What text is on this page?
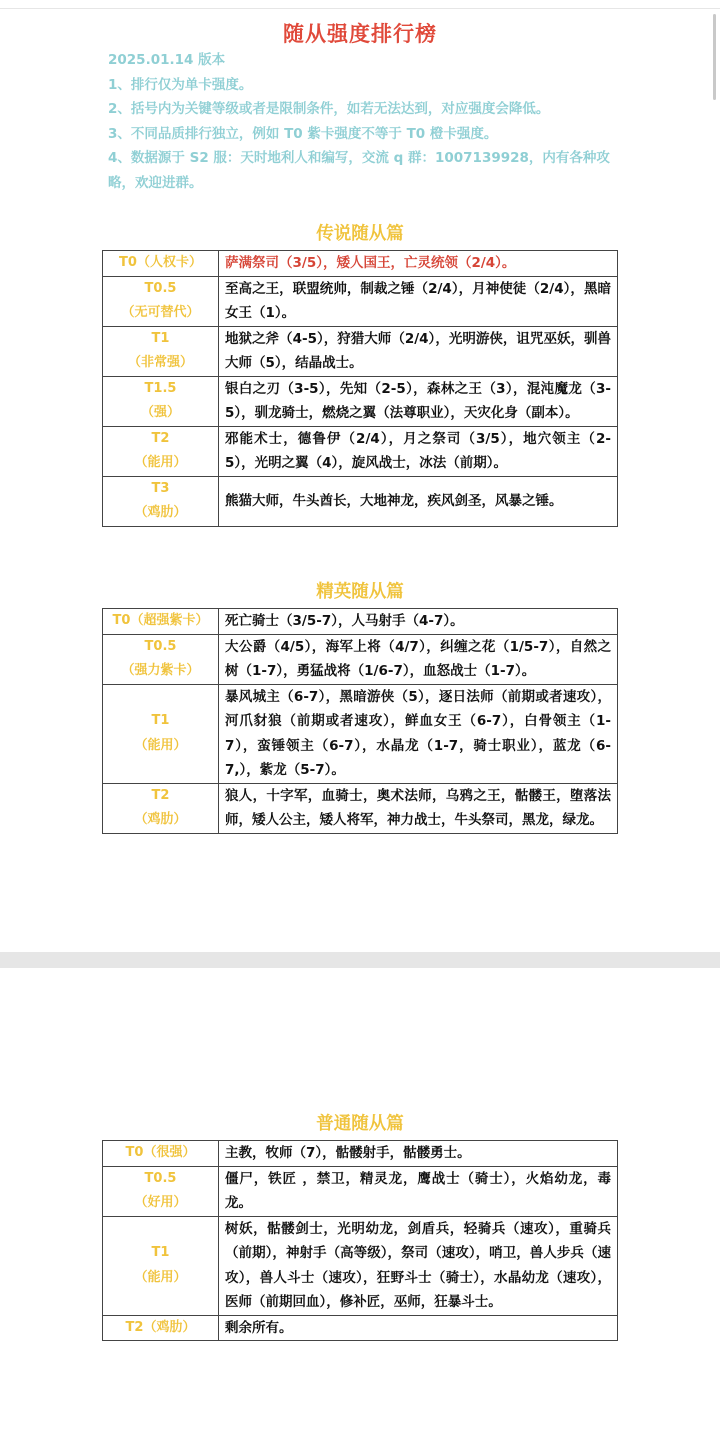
随从强度排行榜

2025.01.14 版本

1、排行仅为单卡强度。

2、括号内为关键等级或者是限制条件，如若无法达到，对应强度会降低。

3、不同品质排行独立，例如 T0 紫卡强度不等于 T0 橙卡强度。

4、数据源于 S2 服：天时地利人和编写，交流 q 群：1007139928，内有各种攻略，欢迎进群。

传说随从篇
T0（人权卡）	萨满祭司（3/5），矮人国王，亡灵统领（2/4）。

T0.5
（无可替代）	至高之王，联盟统帅，制裁之锤（2/4），月神使徒（2/4），黑暗女王（1）。

T1
（非常强）	地狱之斧（4-5），狩猎大师（2/4），光明游侠，诅咒巫妖，驯兽大师（5），结晶战士。

T1.5
（强）	银白之刃（3-5），先知（2-5），森林之王（3），混沌魔龙（3-5），驯龙骑士，燃烧之翼（法尊职业），天灾化身（副本）。

T2
（能用）	邪能术士，德鲁伊（2/4），月之祭司（3/5），地穴领主（2-5），光明之翼（4），旋风战士，冰法（前期）。

T3
（鸡肋）	熊猫大师，牛头酋长，大地神龙，疾风剑圣，风暴之锤。
精英随从篇
T0（超强紫卡）	死亡骑士（3/5-7），人马射手（4-7）。

T0.5
（强力紫卡）	大公爵（4/5），海军上将（4/7），纠缠之花（1/5-7），自然之树（1-7），勇猛战将（1/6-7），血怒战士（1-7）。

T1
（能用）	暴风城主（6-7），黑暗游侠（5），逐日法师（前期或者速攻），河爪豺狼（前期或者速攻），鲜血女王（6-7），白骨领主（1-7），蛮锤领主（6-7），水晶龙（1-7，骑士职业），蓝龙（6-7,），紫龙（5-7）。

T2
（鸡肋）	狼人，十字军，血骑士，奥术法师，乌鸦之王，骷髅王，堕落法师，矮人公主，矮人将军，神力战士，牛头祭司，黑龙，绿龙。
普通随从篇
T0（很强）	主教，牧师（7），骷髅射手，骷髅勇士。

T0.5
（好用）	僵尸，铁匠 ，禁卫，精灵龙，鹰战士（骑士），火焰幼龙，毒龙。

T1
（能用）	树妖，骷髅剑士，光明幼龙，剑盾兵，轻骑兵（速攻），重骑兵（前期），神射手（高等级），祭司（速攻），哨卫，兽人步兵（速攻），兽人斗士（速攻），狂野斗士（骑士），水晶幼龙（速攻），医师（前期回血），修补匠，巫师，狂暴斗士。

T2（鸡肋）	剩余所有。
